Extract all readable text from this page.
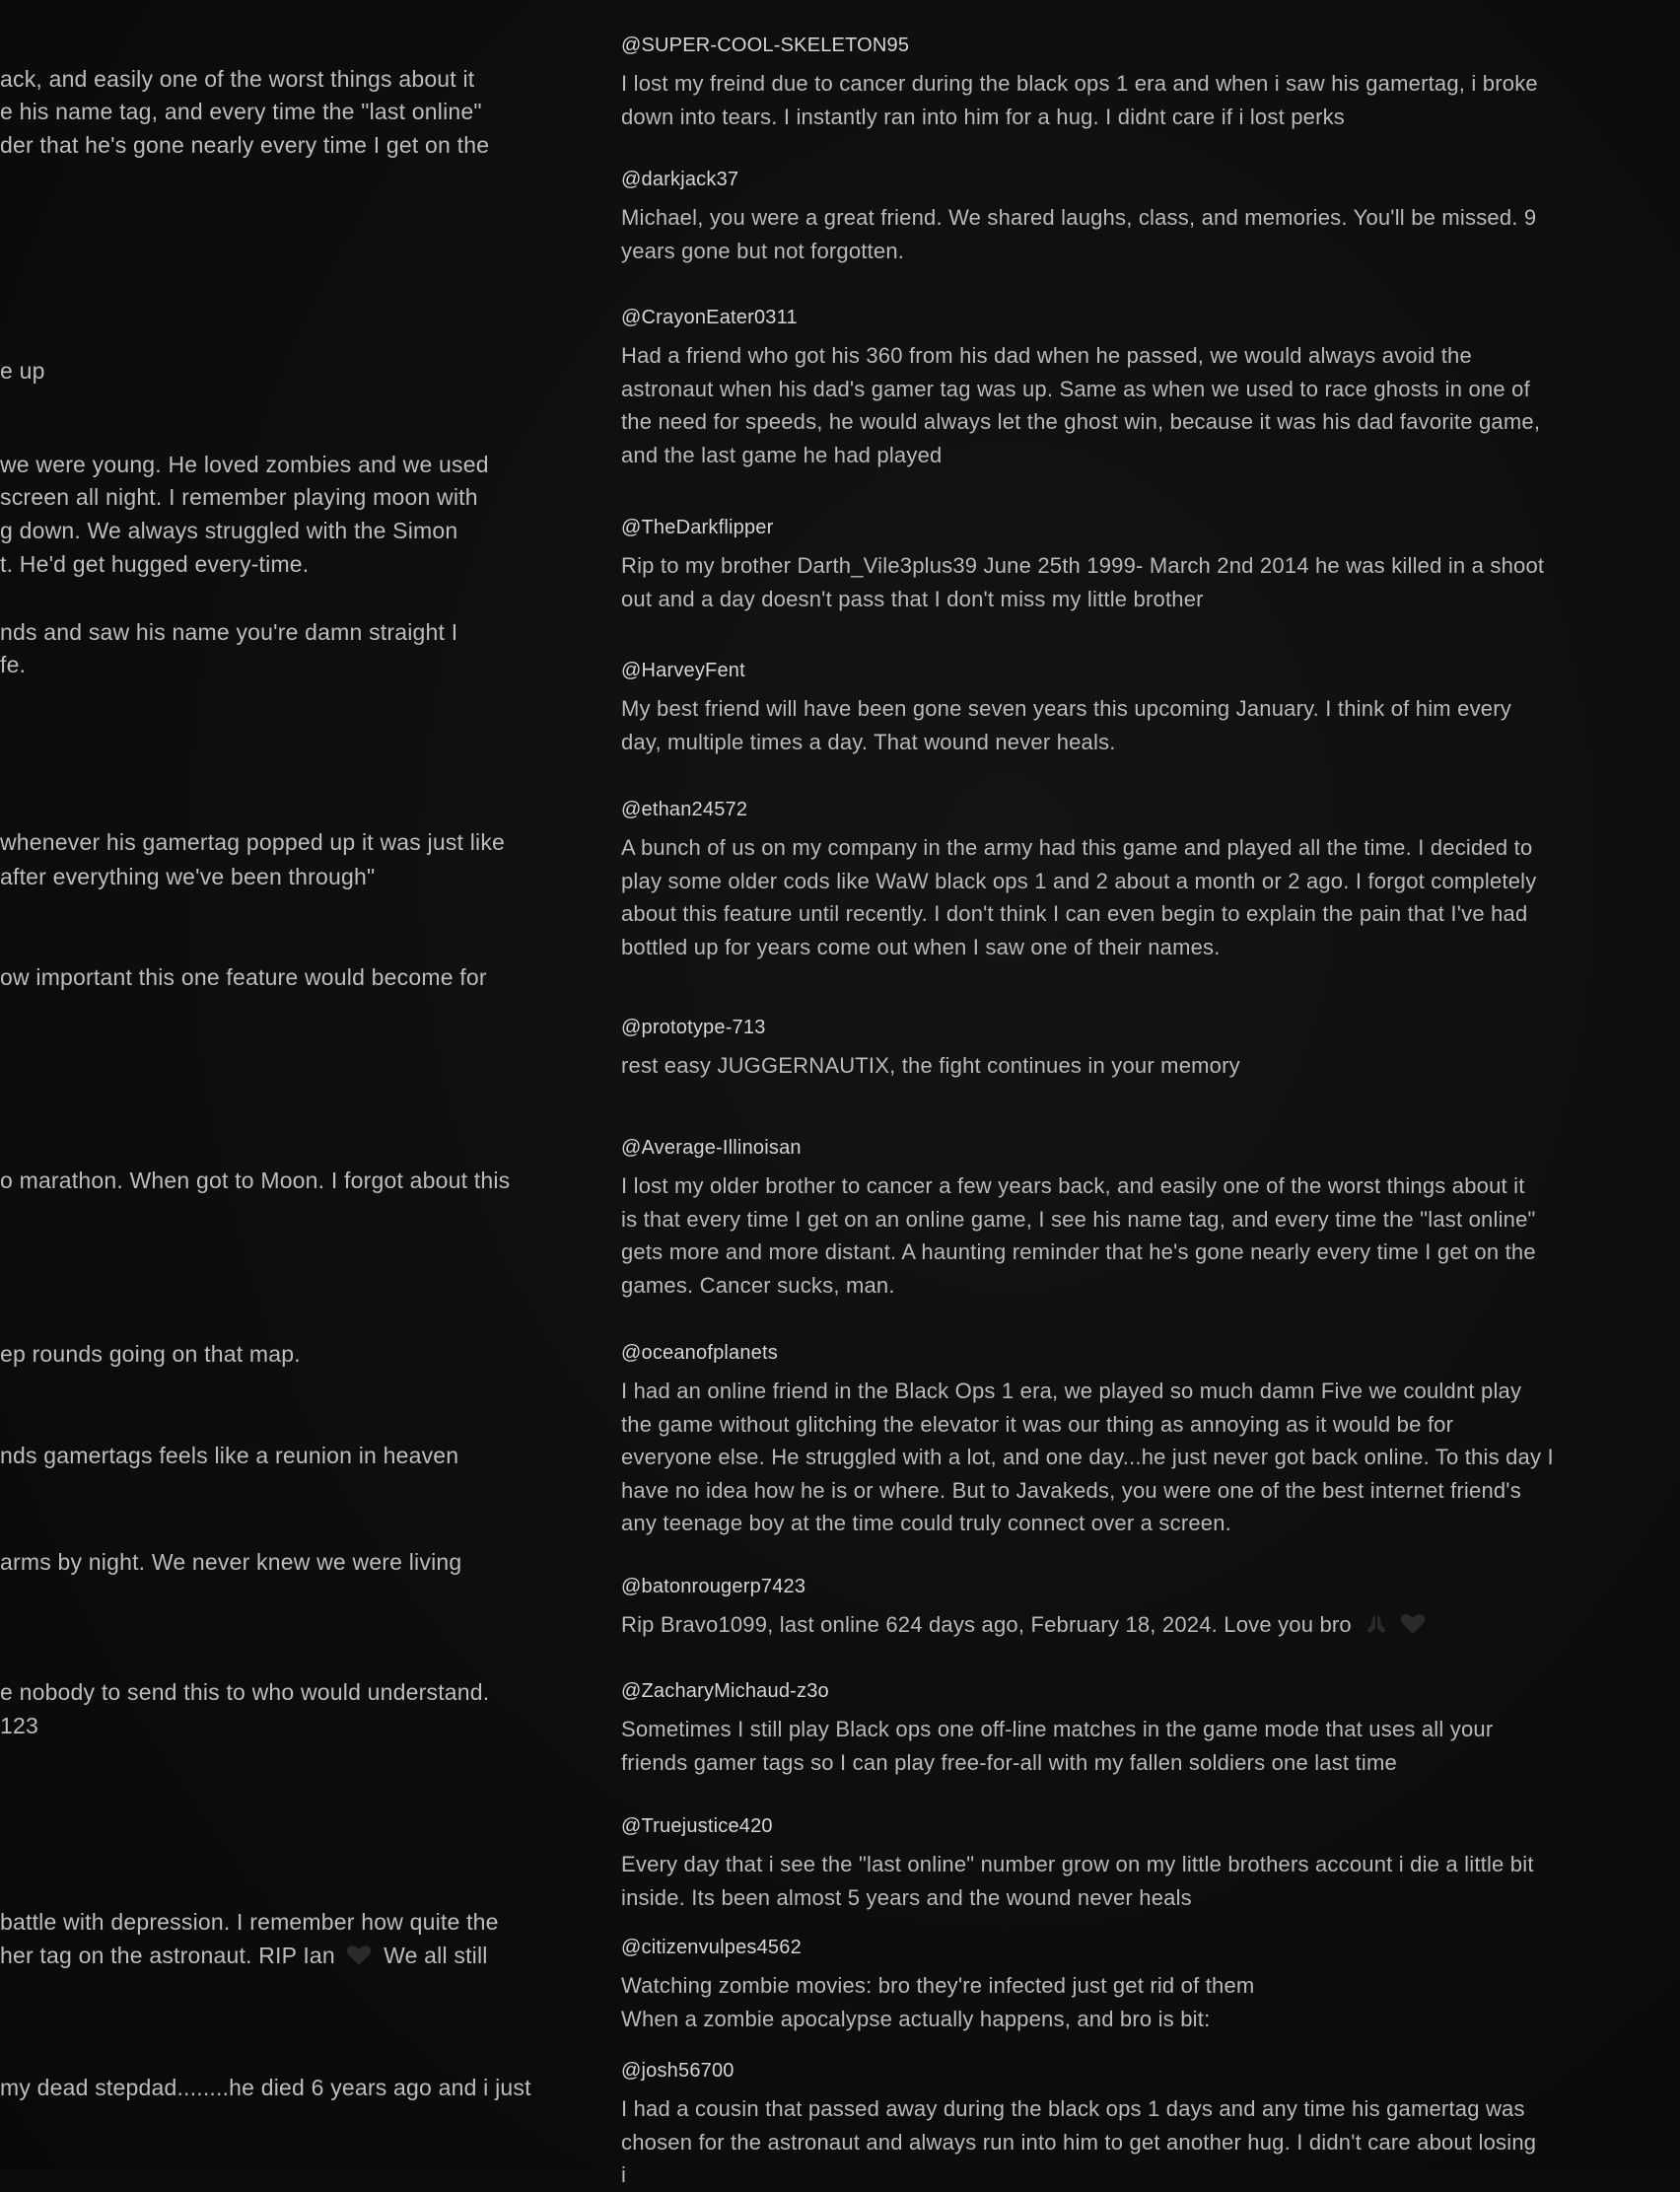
ack, and easily one of the worst things about it
e his name tag, and every time the "last online"
der that he's gone nearly every time I get on the
e up
we were young. He loved zombies and we used
screen all night. I remember playing moon with
g down. We always struggled with the Simon
t. He'd get hugged every-time.
nds and saw his name you're damn straight I
fe.
whenever his gamertag popped up it was just like
after everything we've been through"
ow important this one feature would become for
o marathon. When got to Moon. I forgot about this
ep rounds going on that map.
nds gamertags feels like a reunion in heaven
arms by night. We never knew we were living
e nobody to send this to who would understand.
123
battle with depression. I remember how quite the
her tag on the astronaut. RIP Ian We all still
my dead stepdad........he died 6 years ago and i just
@SUPER-COOL-SKELETON95
I lost my freind due to cancer during the black ops 1 era and when i saw his gamertag, i broke
down into tears. I instantly ran into him for a hug. I didnt care if i lost perks
@darkjack37
Michael, you were a great friend. We shared laughs, class, and memories. You'll be missed. 9
years gone but not forgotten.
@CrayonEater0311
Had a friend who got his 360 from his dad when he passed, we would always avoid the
astronaut when his dad's gamer tag was up. Same as when we used to race ghosts in one of
the need for speeds, he would always let the ghost win, because it was his dad favorite game,
and the last game he had played
@TheDarkflipper
Rip to my brother Darth_Vile3plus39 June 25th 1999- March 2nd 2014 he was killed in a shoot
out and a day doesn't pass that I don't miss my little brother
@HarveyFent
My best friend will have been gone seven years this upcoming January. I think of him every
day, multiple times a day. That wound never heals.
@ethan24572
A bunch of us on my company in the army had this game and played all the time. I decided to
play some older cods like WaW black ops 1 and 2 about a month or 2 ago. I forgot completely
about this feature until recently. I don't think I can even begin to explain the pain that I've had
bottled up for years come out when I saw one of their names.
@prototype-713
rest easy JUGGERNAUTIX, the fight continues in your memory
@Average-Illinoisan
I lost my older brother to cancer a few years back, and easily one of the worst things about it
is that every time I get on an online game, I see his name tag, and every time the "last online"
gets more and more distant. A haunting reminder that he's gone nearly every time I get on the
games. Cancer sucks, man.
@oceanofplanets
I had an online friend in the Black Ops 1 era, we played so much damn Five we couldnt play
the game without glitching the elevator it was our thing as annoying as it would be for
everyone else. He struggled with a lot, and one day...he just never got back online. To this day I
have no idea how he is or where. But to Javakeds, you were one of the best internet friend's
any teenage boy at the time could truly connect over a screen.
@batonrougerp7423
Rip Bravo1099, last online 624 days ago, February 18, 2024. Love you bro
@ZacharyMichaud-z3o
Sometimes I still play Black ops one off-line matches in the game mode that uses all your
friends gamer tags so I can play free-for-all with my fallen soldiers one last time
@Truejustice420
Every day that i see the "last online" number grow on my little brothers account i die a little bit
inside. Its been almost 5 years and the wound never heals
@citizenvulpes4562
Watching zombie movies: bro they're infected just get rid of them
When a zombie apocalypse actually happens, and bro is bit:
@josh56700
I had a cousin that passed away during the black ops 1 days and any time his gamertag was
chosen for the astronaut and always run into him to get another hug. I didn't care about losing
i
